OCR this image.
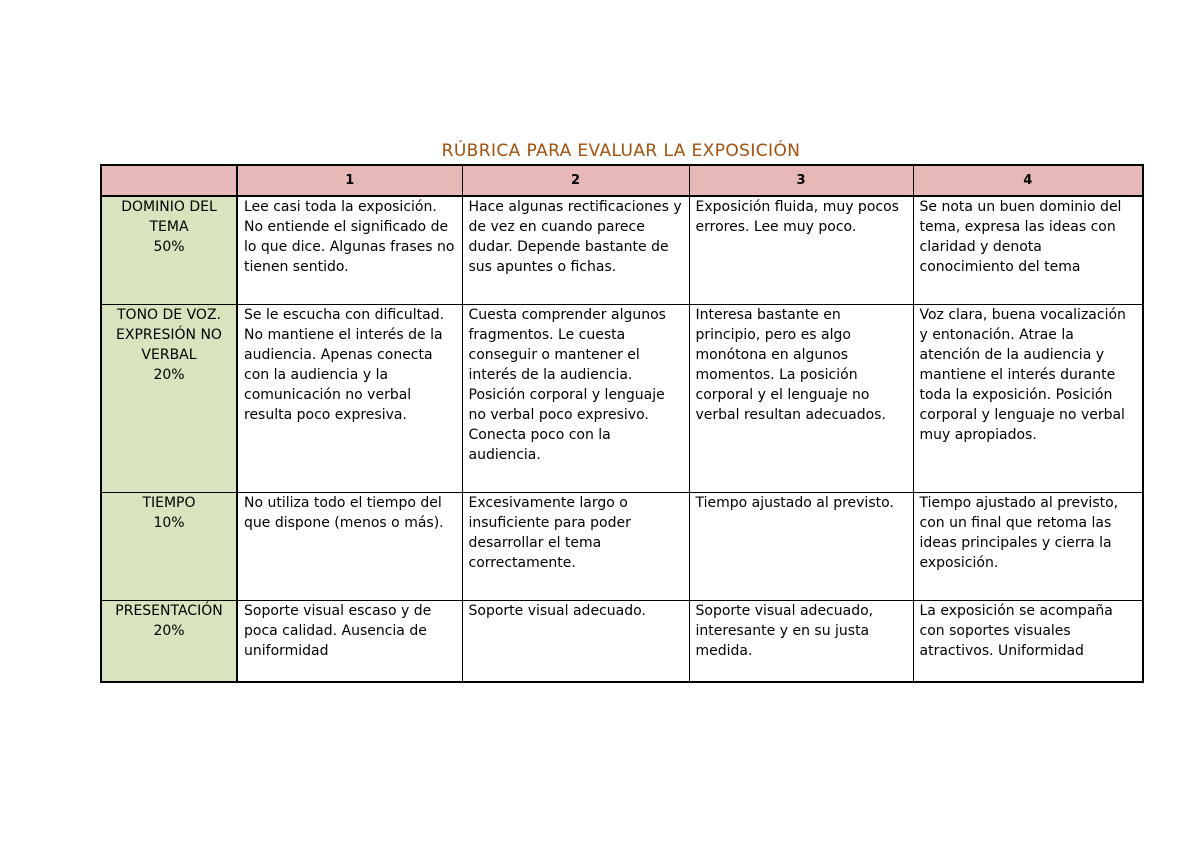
RÚBRICA PARA EVALUAR LA EXPOSICIÓN
	1	2	3	4

DOMINIO DEL
TEMA
50%	Lee casi toda la exposición. No entiende el significado de lo que dice. Algunas frases no tienen sentido.	Hace algunas rectificaciones y de vez en cuando parece dudar. Depende bastante de sus apuntes o fichas.	Exposición fluida, muy pocos errores. Lee muy poco.	Se nota un buen dominio del tema, expresa las ideas con claridad y denota conocimiento del tema

TONO DE VOZ.
EXPRESIÓN NO
VERBAL
20%	Se le escucha con dificultad. No mantiene el interés de la audiencia. Apenas conecta con la audiencia y la comunicación no verbal resulta poco expresiva.	Cuesta comprender algunos fragmentos. Le cuesta conseguir o mantener el interés de la audiencia. Posición corporal y lenguaje no verbal poco expresivo. Conecta poco con la audiencia.	Interesa bastante en principio, pero es algo monótona en algunos momentos. La posición corporal y el lenguaje no verbal resultan adecuados.	Voz clara, buena vocalización y entonación. Atrae la atención de la audiencia y mantiene el interés durante toda la exposición. Posición corporal y lenguaje no verbal muy apropiados.

TIEMPO
10%	No utiliza todo el tiempo del que dispone (menos o más).	Excesivamente largo o insuficiente para poder desarrollar el tema correctamente.	Tiempo ajustado al previsto.	Tiempo ajustado al previsto, con un final que retoma las ideas principales y cierra la exposición.

PRESENTACIÓN
20%	Soporte visual escaso y de poca calidad. Ausencia de uniformidad	Soporte visual adecuado.	Soporte visual adecuado, interesante y en su justa medida.	La exposición se acompaña con soportes visuales atractivos. Uniformidad
